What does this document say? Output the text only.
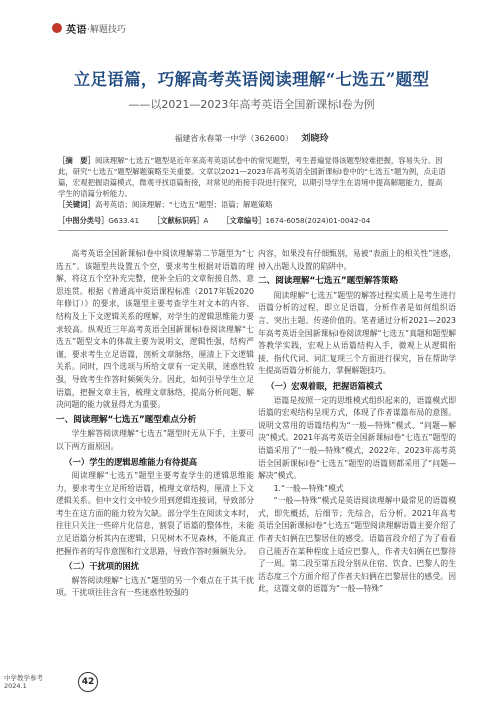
英语 ·解题技巧
立足语篇，巧解高考英语阅读理解“七选五”题型
——以2021—2023年高考英语全国新课标Ⅰ卷为例
福建省永春第一中学（362600） 刘晓玲
［摘　要］阅读理解“七选五”题型是近年来高考英语试卷中的常见题型，考生普遍觉得该题型较难把握，容易失分。因此，研究“七选五”题型解题策略至关重要。文章以2021—2023年高考英语全国新课标Ⅰ卷中的“七选五”题为例，点走语篇，宏观把握语篇模式，微观寻找语篇衔接，对常见的衔接手段进行探究，以期引导学生在语境中提高解题能力，提高学生的语篇分析能力。
［关键词］高考英语；阅读理解；“七选五”题型；语篇；解题策略
［中图分类号］G633.41 ［文献标识码］A ［文章编号］1674-6058(2024)01-0042-04

高考英语全国新课标Ⅰ卷中阅读理解第二节题型为“七选五”。该题型共设置五个空，要求考生根据对语篇的理解，将这五个空补充完整，使补全后的文章衔接自然、意思连贯。根据《普通高中英语课程标准（2017年版2020年修订）》的要求，该题型主要考查学生对文本的内容、结构及上下文逻辑关系的理解，对学生的逻辑思维能力要求较高。纵观近三年高考英语全国新课标Ⅰ卷阅读理解“七选五”题型文本的体裁主要为说明文，逻辑性强，结构严谨，要求考生立足语篇，剖析文章脉络，厘清上下文逻辑关系。同时，四个选项与所给文章有一定关联，迷惑性较强，导致考生作答时频频失分。因此，如何引导学生立足语篇，把握文章主旨，梳理文章脉络，提高分析问题、解决问题的能力就显得尤为重要。

一、阅读理解“七选五”题型难点分析

学生解答阅读理解“七选五”题型时无从下手，主要可以下两方面原因。

（一）学生的逻辑思维能力有待提高

阅读理解“七选五”题型主要考查学生的逻辑思维能力，要求考生立足所给语篇，梳理文章结构，厘清上下文逻辑关系。但中文行文中较少用到逻辑连接词，导致部分考生在这方面的能力较为欠缺。部分学生在阅读文本时，往往只关注一些碎片化信息，割裂了语篇的整体性，未能立足语篇分析其内在逻辑，只见树木不见森林，不能真正把握作者的写作意图和行文思路，导致作答时频频失分。

（二）干扰项的困扰

解答阅读理解“七选五”题型的另一个难点在于其干扰项。干扰项往往含有一些迷惑性较强的

内容，如果没有仔细甄别，易被“表面上的相关性”迷惑，掉入出题人设置的陷阱中。

二、阅读理解“七选五”题型解答策略

阅读理解“七选五”题型的解答过程实质上是考生进行语篇分析的过程，即立足语篇，分析作者是如何组织语言、突出主题、传递价值的。笔者通过分析2021—2023年高考英语全国新课标Ⅰ卷阅读理解“七选五”真题和题型解答教学实践，宏观上从语篇结构入手，微观上从逻辑衔接、指代代词、词汇复现三个方面进行探究，旨在帮助学生提高语篇分析能力，掌握解题技巧。

（一）宏观着眼，把握语篇模式

语篇是按照一定的思维模式组织起来的，语篇模式即语篇的宏观结构呈现方式，体现了作者谋篇布局的意图。说明文常用的语篇结构为“一般—特殊”模式、“问题—解决”模式。2021年高考英语全国新课标Ⅰ卷“七选五”题型的语篇采用了“一般—特殊”模式，2022年、2023年高考英语全国新课标Ⅰ卷“七选五”题型的语篇则都采用了“问题—解决”模式。

1.“一般—特殊”模式

“一般—特殊”模式是英语阅读理解中最常见的语篇模式，即先概括，后细节；先综合，后分析。2021年高考英语全国新课标Ⅰ卷“七选五”题型阅读理解语篇主要介绍了作者夫妇俩在巴黎居住的感受。语篇首段介绍了为了看看自己能否在某种程度上适应巴黎人，作者夫妇俩在巴黎待了一周。第二段至第五段分别从住宿、饮食、巴黎人的生活态度三个方面介绍了作者夫妇俩在巴黎居住的感受。因此，这篇文章的语篇为“一般—特殊”

中学教学参考
2024.1	42
